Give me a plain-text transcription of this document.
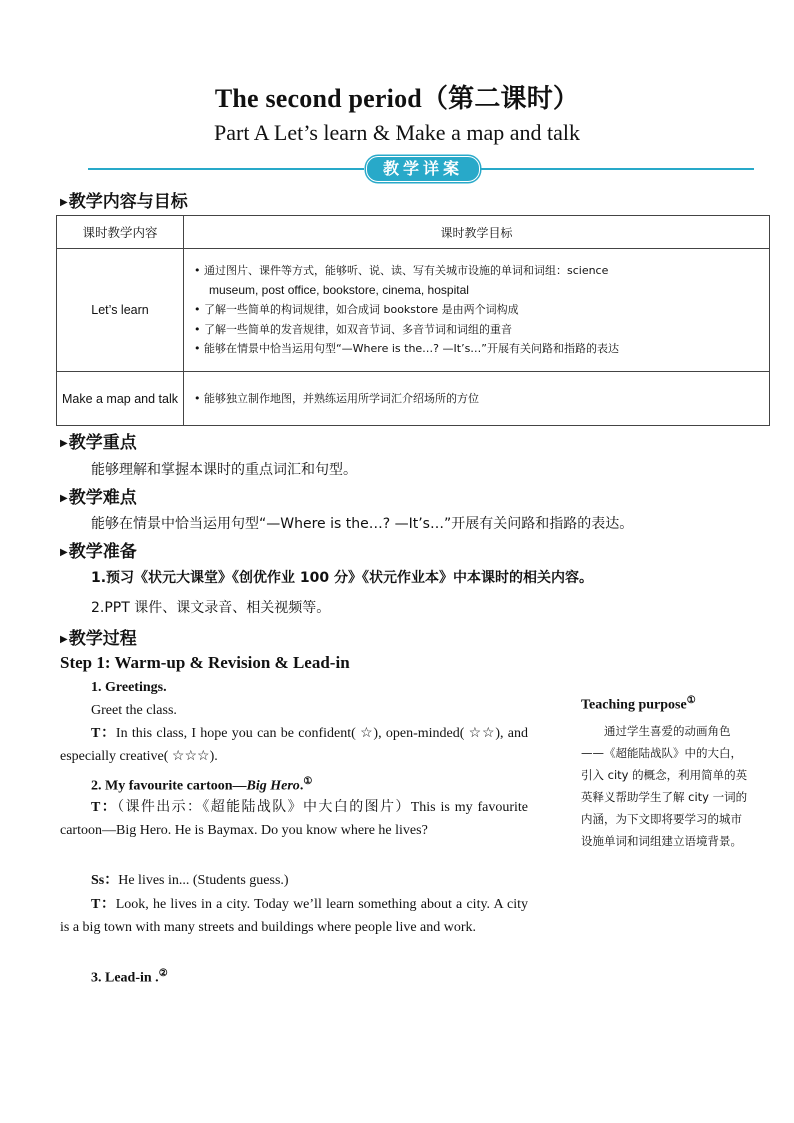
The second period（第二课时）
Part A Let’s learn & Make a map and talk
教学详案
▶教学内容与目标
课时教学内容	课时教学目标
Let’s learn	• 通过图片、课件等方式，能够听、说、读、写有关城市设施的单词和词组：science
museum, post office, bookstore, cinema, hospital
• 了解一些简单的构词规律，如合成词 bookstore 是由两个词构成
• 了解一些简单的发音规律，如双音节词、多音节词和词组的重音
• 能够在情景中恰当运用句型“—Where is the…? —It’s…”开展有关问路和指路的表达

Make a map and talk	• 能够独立制作地图，并熟练运用所学词汇介绍场所的方位
▶教学重点
能够理解和掌握本课时的重点词汇和句型。
▶教学难点
能够在情景中恰当运用句型“—Where is the…? —It’s…”开展有关问路和指路的表达。
▶教学准备
1.预习《状元大课堂》《创优作业 100 分》《状元作业本》中本课时的相关内容。
2.PPT 课件、课文录音、相关视频等。
▶教学过程
Step 1: Warm-up & Revision & Lead-in
1. Greetings.
Greet the class.
T：In this class, I hope you can be confident( ☆), open-minded( ☆☆), and especially creative( ☆☆☆).
2. My favourite cartoon—Big Hero.①
T：（课件出示：《超能陆战队》中大白的图片）This is my favourite cartoon—Big Hero. He is Baymax. Do you know where he lives?
Ss：He lives in... (Students guess.)
T：Look, he lives in a city. Today we’ll learn something about a city. A city is a big town with many streets and buildings where people live and work.
3. Lead-in .②
Teaching purpose①
通过学生喜爱的动画角色——《超能陆战队》中的大白，引入 city 的概念，利用简单的英英释义帮助学生了解 city 一词的内涵，为下文即将要学习的城市设施单词和词组建立语境背景。
